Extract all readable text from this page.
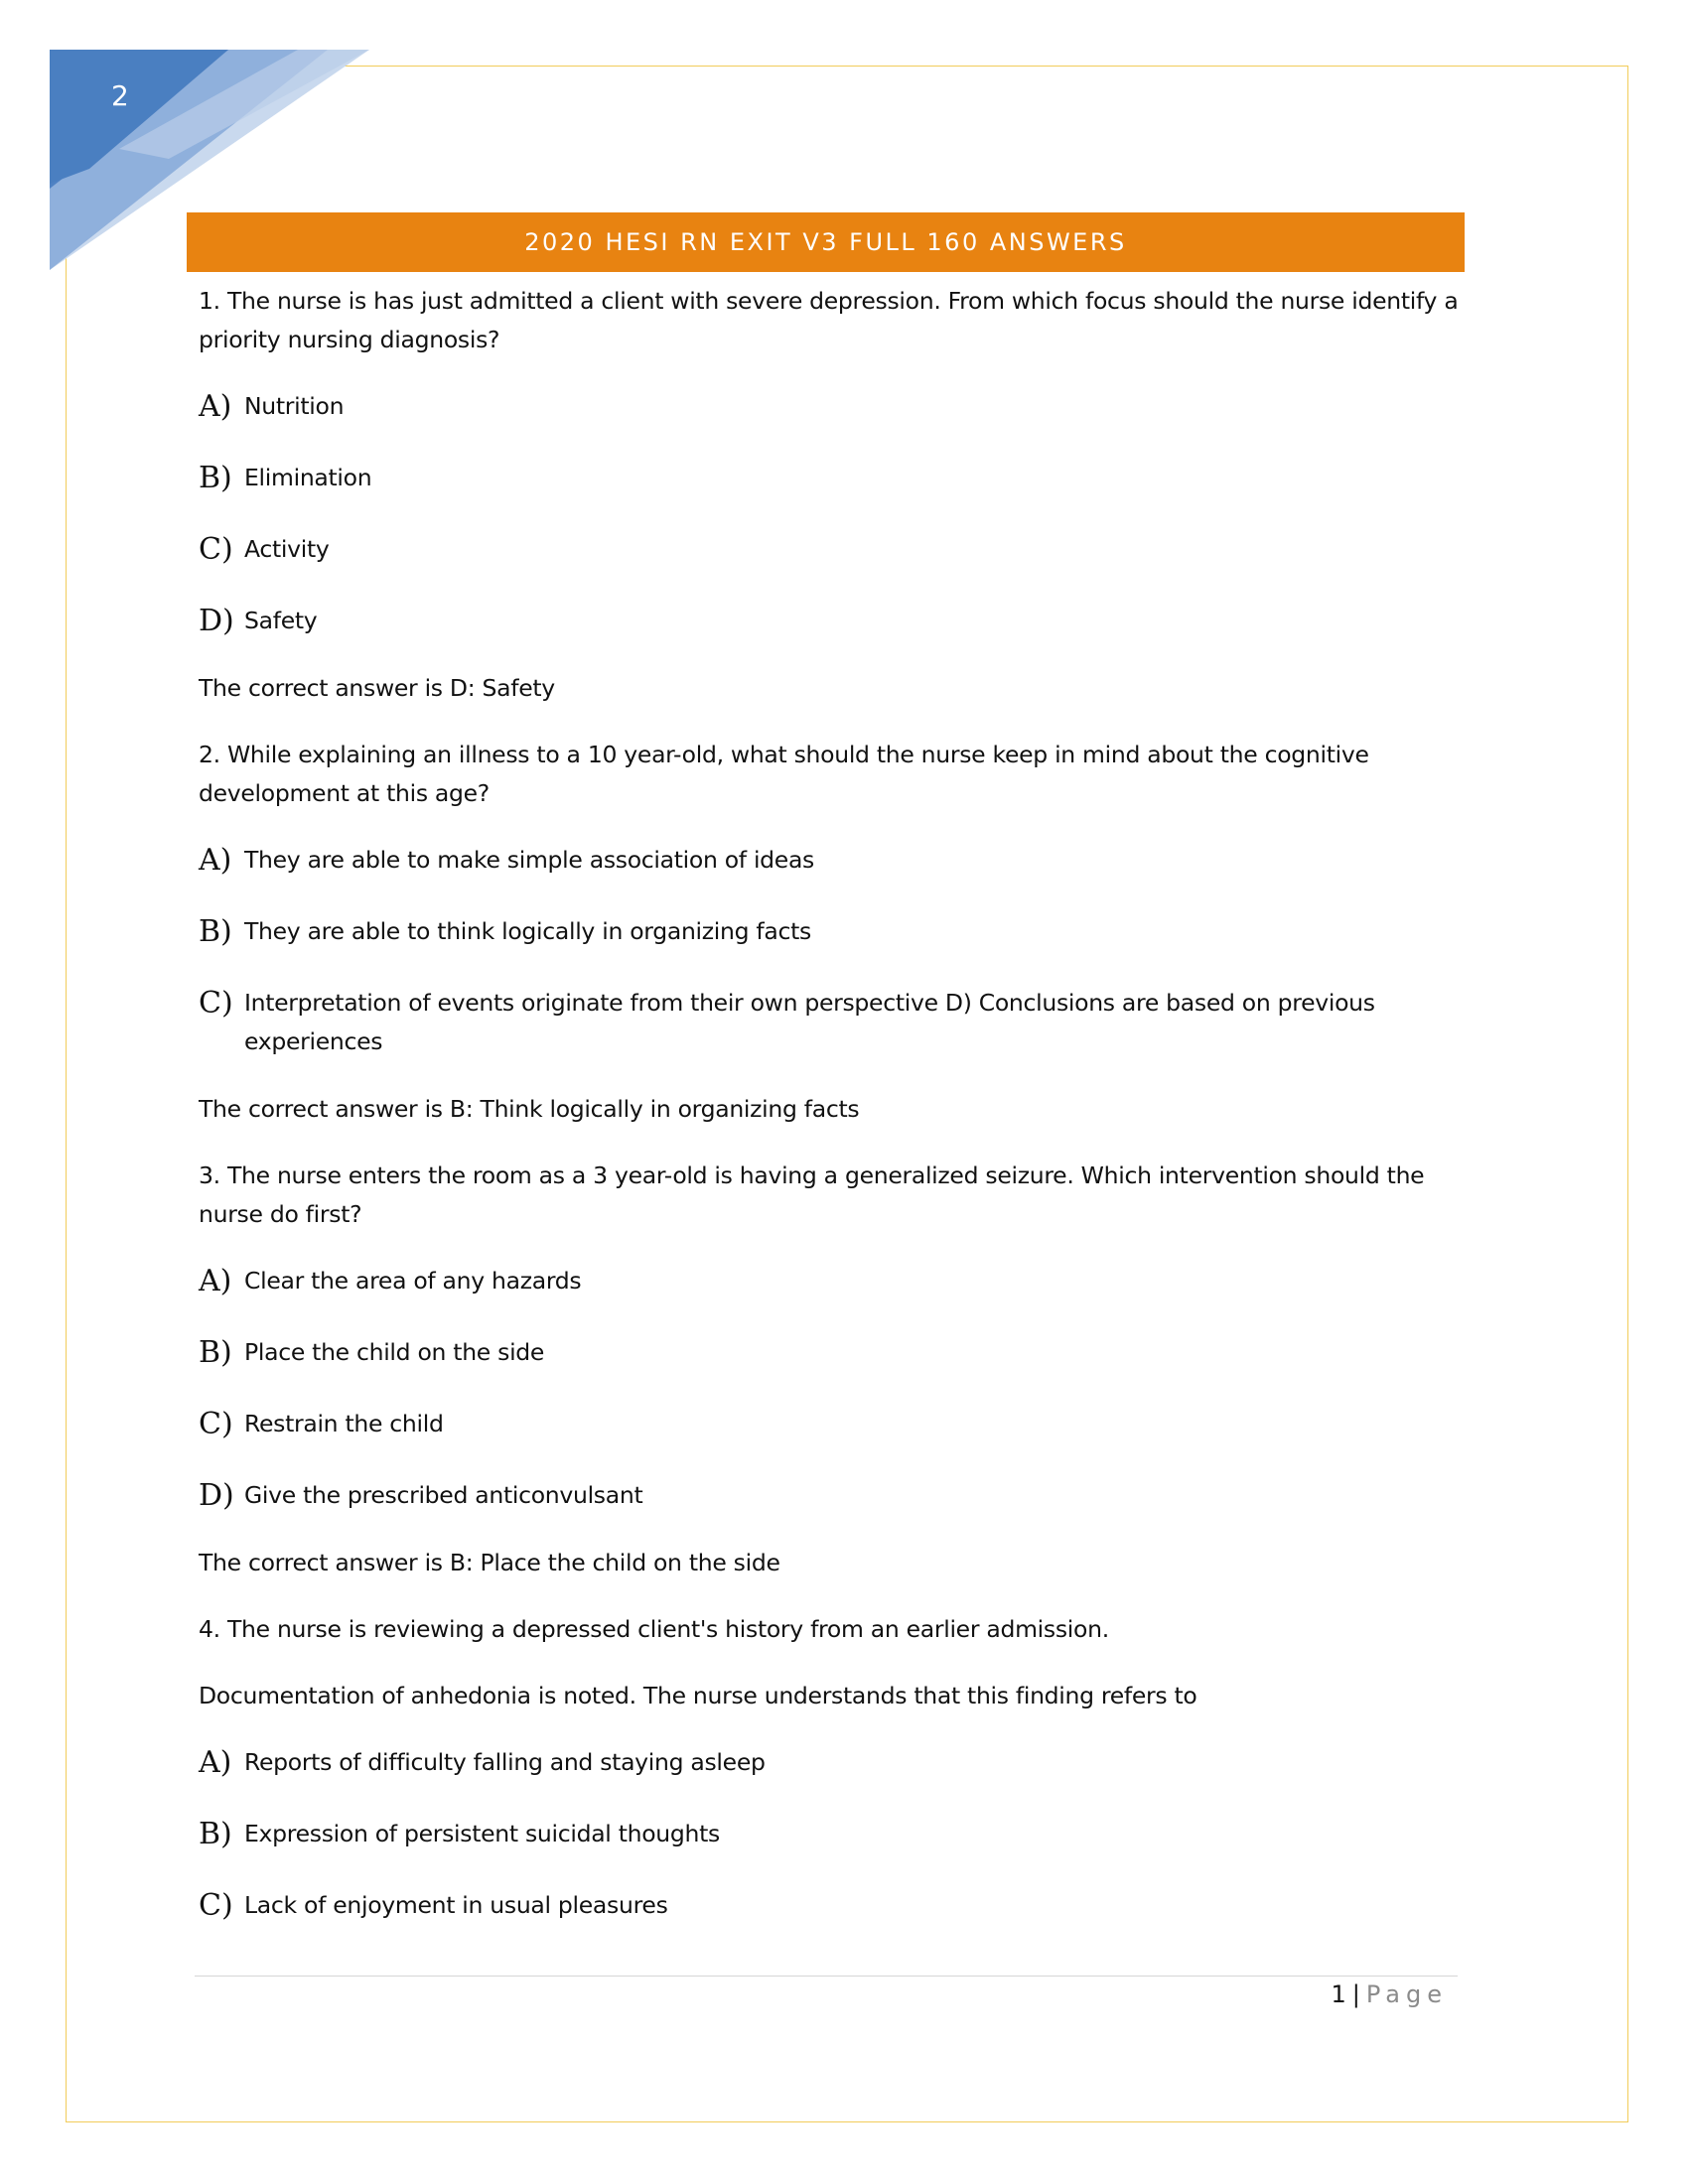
2
2020 HESI RN EXIT V3 FULL 160 ANSWERS

1. The nurse is has just admitted a client with severe depression. From which focus should the nurse identify a priority nursing diagnosis?

A) Nutrition
B) Elimination
C) Activity
D) Safety

The correct answer is D: Safety

2. While explaining an illness to a 10 year-old, what should the nurse keep in mind about the cognitive development at this age?

A) They are able to make simple association of ideas
B) They are able to think logically in organizing facts
C) Interpretation of events originate from their own perspective D) Conclusions are based on previous experiences

The correct answer is B: Think logically in organizing facts

3. The nurse enters the room as a 3 year-old is having a generalized seizure. Which intervention should the nurse do first?

A) Clear the area of any hazards
B) Place the child on the side
C) Restrain the child
D) Give the prescribed anticonvulsant

The correct answer is B: Place the child on the side

4. The nurse is reviewing a depressed client's history from an earlier admission.

Documentation of anhedonia is noted. The nurse understands that this finding refers to

A) Reports of difficulty falling and staying asleep
B) Expression of persistent suicidal thoughts
C) Lack of enjoyment in usual pleasures
1 | Page
